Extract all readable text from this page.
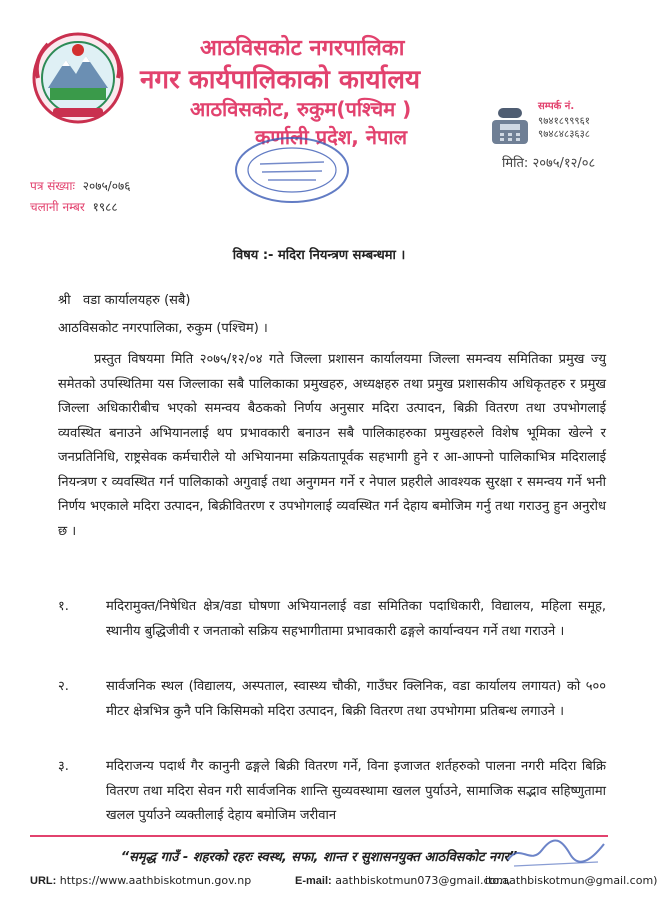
आठविसकोट नगरपालिका
नगर कार्यपालिकाको कार्यालय
आठविसकोट, रुकुम(पश्चिम )
कर्णाली प्रदेश, नेपाल
सम्पर्क नं.
९७४१८९९९६१
९७४८४८३६३८
मिति: २०७५/१२/०८
पत्र संख्याः २०७५/०७६
चलानी नम्बर १९८८
विषय :- मदिरा नियन्त्रण सम्बन्धमा ।
श्री   वडा कार्यालयहरु (सबै)
आठविसकोट नगरपालिका, रुकुम (पश्चिम) ।
प्रस्तुत विषयमा मिति २०७५/१२/०४ गते जिल्ला प्रशासन कार्यालयमा जिल्ला समन्वय समितिका प्रमुख ज्यु समेतको उपस्थितिमा यस जिल्लाका सबै पालिकाका प्रमुखहरु, अध्यक्षहरु तथा प्रमुख प्रशासकीय अधिकृतहरु र प्रमुख जिल्ला अधिकारीबीच भएको समन्वय बैठकको निर्णय अनुसार मदिरा उत्पादन, बिक्री वितरण तथा उपभोगलाई व्यवस्थित बनाउने अभियानलाई थप प्रभावकारी बनाउन सबै पालिकाहरुका प्रमुखहरुले विशेष भूमिका खेल्ने र जनप्रतिनिधि, राष्ट्रसेवक कर्मचारीले यो अभियानमा सक्रियतापूर्वक सहभागी हुने र आ-आफ्नो पालिकाभित्र मदिरालाई नियन्त्रण र व्यवस्थित गर्न पालिकाको अगुवाई तथा अनुगमन गर्ने र नेपाल प्रहरीले आवश्यक सुरक्षा र समन्वय गर्ने भनी निर्णय भएकाले मदिरा उत्पादन, बिक्रीवितरण र उपभोगलाई व्यवस्थित गर्न देहाय बमोजिम गर्नु तथा गराउनु हुन अनुरोध छ ।
१.	मदिरामुक्त/निषेधित क्षेत्र/वडा घोषणा अभियानलाई वडा समितिका पदाधिकारी, विद्यालय, महिला समूह, स्थानीय बुद्धिजीवी र जनताको सक्रिय सहभागीतामा प्रभावकारी ढङ्गले कार्यान्वयन गर्ने तथा गराउने ।
२.	सार्वजनिक स्थल (विद्यालय, अस्पताल, स्वास्थ्य चौकी, गाउँघर क्लिनिक, वडा कार्यालय लगायत) को ५०० मीटर क्षेत्रभित्र कुनै पनि किसिमको मदिरा उत्पादन, बिक्री वितरण तथा उपभोगमा प्रतिबन्ध लगाउने ।
३.	मदिराजन्य पदार्थ गैर कानुनी ढङ्गले बिक्री वितरण गर्ने, विना इजाजत शर्तहरुको पालना नगरी मदिरा बिक्रि वितरण तथा मदिरा सेवन गरी सार्वजनिक शान्ति सुव्यवस्थामा खलल पुर्याउने, सामाजिक सद्भाव सहिष्णुतामा खलल पुर्याउने व्यक्तीलाई देहाय बमोजिम जरीवान
“समृद्ध गाउँ - शहरको रहरः स्वस्थ, सफा, शान्त र सुशासनयुक्त आठविसकोट नगर”
URL: https://www.aathbiskotmun.gov.np	E-mail: aathbiskotmun073@gmail.com,
ito.aathbiskotmun@gmail.com)
